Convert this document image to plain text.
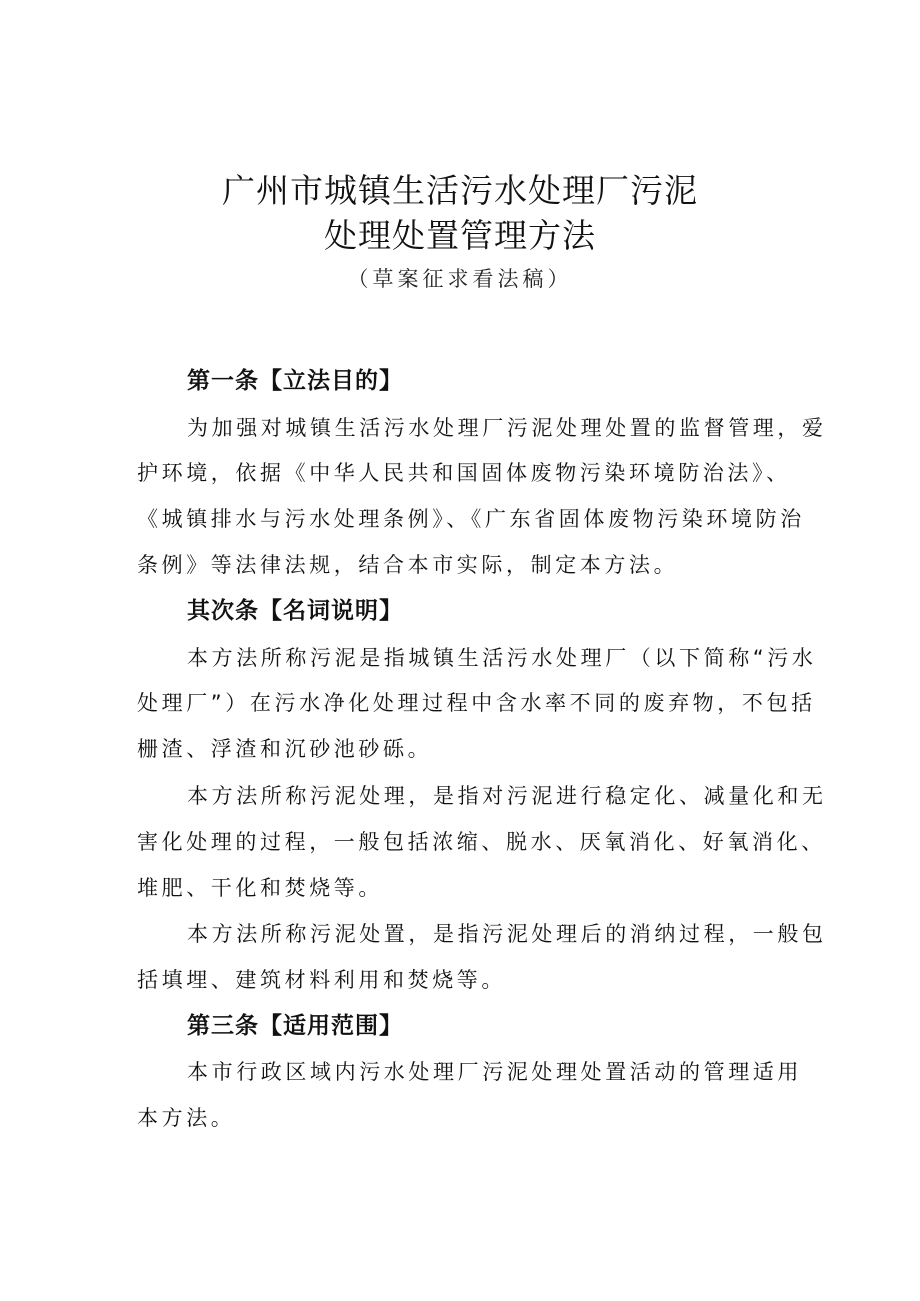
广州市城镇生活污水处理厂污泥
处理处置管理方法
（草案征求看法稿）
第一条【立法目的】
为加强对城镇生活污水处理厂污泥处理处置的监督管理，爱
护环境，依据《中华人民共和国固体废物污染环境防治法》、
《城镇排水与污水处理条例》、《广东省固体废物污染环境防治
条例》等法律法规，结合本市实际，制定本方法。
其次条【名词说明】
本方法所称污泥是指城镇生活污水处理厂（以下简称“污水
处理厂”）在污水净化处理过程中含水率不同的废弃物，不包括
栅渣、浮渣和沉砂池砂砾。
本方法所称污泥处理，是指对污泥进行稳定化、减量化和无
害化处理的过程，一般包括浓缩、脱水、厌氧消化、好氧消化、
堆肥、干化和焚烧等。
本方法所称污泥处置，是指污泥处理后的消纳过程，一般包
括填埋、建筑材料利用和焚烧等。
第三条【适用范围】
本市行政区域内污水处理厂污泥处理处置活动的管理适用
本方法。
